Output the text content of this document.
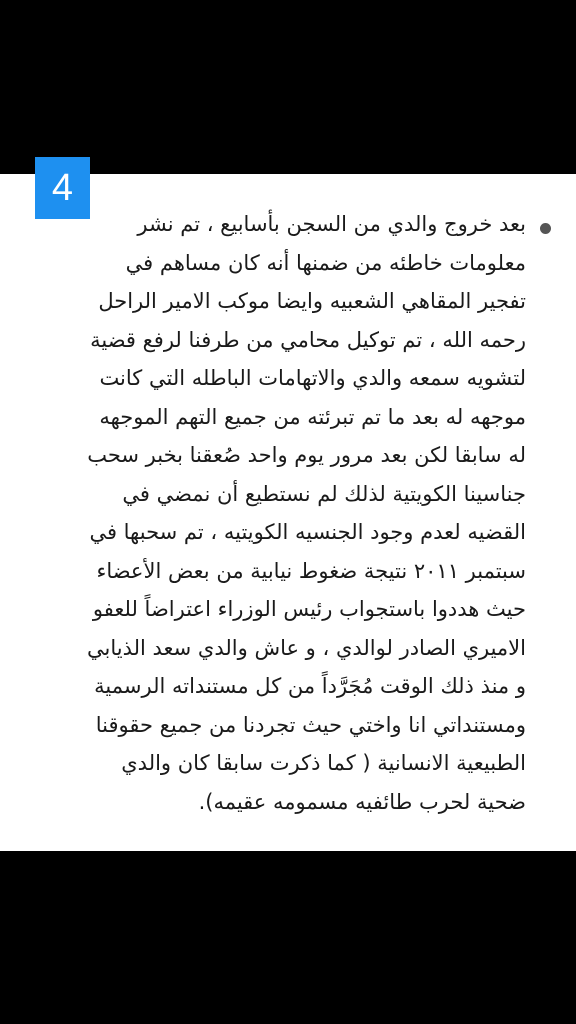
4
بعد خروج والدي من السجن بأسابيع ، تم نشر
معلومات خاطئه من ضمنها أنه كان مساهم في
تفجير المقاهي الشعبيه وايضا موكب الامير الراحل
رحمه الله ، تم توكيل محامي من طرفنا لرفع قضية
لتشويه سمعه والدي والاتهامات الباطله التي كانت
موجهه له بعد ما تم تبرئته من جميع التهم الموجهه
له سابقا لكن بعد مرور يوم واحد صُعقنا بخبر سحب
جناسينا الكويتية لذلك لم نستطيع أن نمضي في
القضيه لعدم وجود الجنسيه الكويتيه ، تم سحبها في
سبتمبر ٢٠١١ نتيجة ضغوط نيابية من بعض الأعضاء
حيث هددوا باستجواب رئيس الوزراء اعتراضاً للعفو
الاميري الصادر لوالدي ، و عاش والدي سعد الذيابي
و منذ ذلك الوقت مُجَرَّداً من كل مستنداته الرسمية
ومستنداتي انا واختي حيث تجردنا من جميع حقوقنا
الطبيعية الانسانية ( كما ذكرت سابقا كان والدي
ضحية لحرب طائفيه مسمومه عقيمه).
